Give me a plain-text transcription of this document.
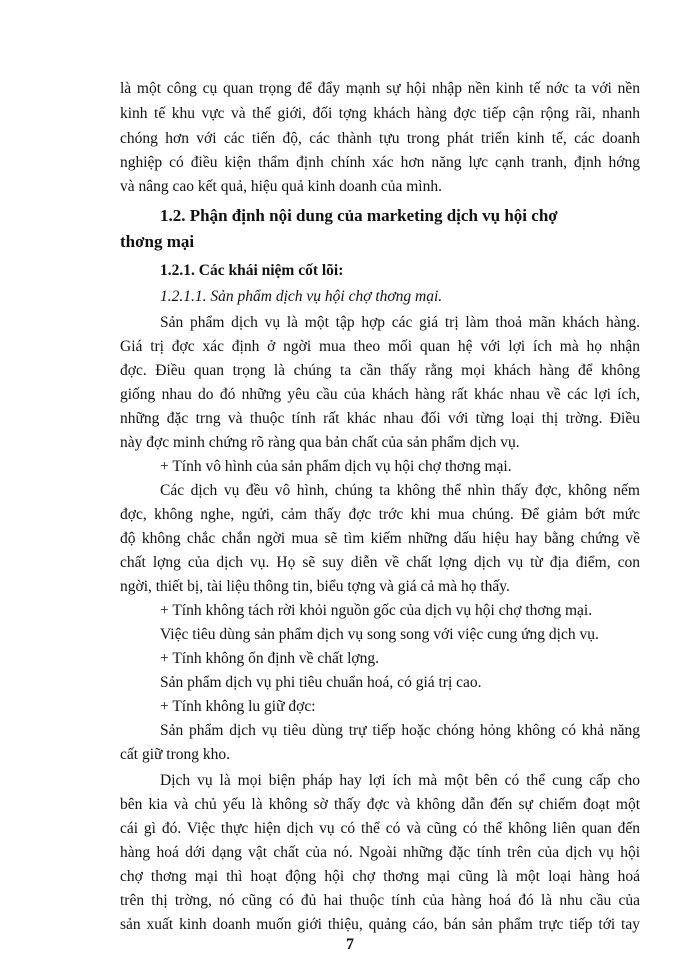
là một công cụ quan trọng để đẩy mạnh sự hội nhập nền kinh tế nớc ta với nền
kinh tế khu vực và thế giới, đối tợng khách hàng đợc tiếp cận rộng rãi, nhanh
chóng hơn với các tiến độ, các thành tựu trong phát triển kinh tế, các doanh
nghiệp có điều kiện thẩm định chính xác hơn năng lực cạnh tranh, định hớng
và nâng cao kết quả, hiệu quả kinh doanh của mình.
1.2. Phận định nội dung của marketing dịch vụ hội chợ
thơng mại
1.2.1. Các khái niệm cốt lõi:
1.2.1.1. Sản phẩm dịch vụ hội chợ thơng mại.
Sản phẩm dịch vụ là một tập hợp các giá trị làm thoả mãn khách hàng.
Giá trị đợc xác định ở ngời mua theo mối quan hệ với lợi ích mà họ nhận
đợc. Điều quan trọng là chúng ta cần thấy rằng mọi khách hàng để không
giống nhau do đó những yêu cầu của khách hàng rất khác nhau về các lợi ích,
những đặc trng và thuộc tính rất khác nhau đối với từng loại thị trờng. Điều
này đợc minh chứng rõ ràng qua bản chất của sản phẩm dịch vụ.
+ Tính vô hình của sản phẩm dịch vụ hội chợ thơng mại.
Các dịch vụ đều vô hình, chúng ta không thể nhìn thấy đợc, không nếm
đợc, không nghe, ngửi, cảm thấy đợc trớc khi mua chúng. Để giảm bớt mức
độ không chắc chắn ngời mua sẽ tìm kiếm những dấu hiệu hay bằng chứng về
chất lợng của dịch vụ. Họ sẽ suy diễn về chất lợng dịch vụ từ địa điểm, con
ngời, thiết bị, tài liệu thông tin, biểu tợng và giá cả mà họ thấy.
+ Tính không tách rời khỏi nguồn gốc của dịch vụ hội chợ thơng mại.
Việc tiêu dùng sản phẩm dịch vụ song song với việc cung ứng dịch vụ.
+ Tính không ổn định về chất lợng.
Sản phẩm dịch vụ phi tiêu chuẩn hoá, có giá trị cao.
+ Tính không lu giữ đợc:
Sản phẩm dịch vụ tiêu dùng trự tiếp hoặc chóng hỏng không có khả năng
cất giữ trong kho.
Dịch vụ là mọi biện pháp hay lợi ích mà một bên có thể cung cấp cho
bên kia và chủ yếu là không sờ thấy đợc và không dẫn đến sự chiếm đoạt một
cái gì đó. Việc thực hiện dịch vụ có thể có và cũng có thể không liên quan đến
hàng hoá dới dạng vật chất của nó. Ngoài những đặc tính trên của dịch vụ hội
chợ thơng mại thì hoạt động hội chợ thơng mại cũng là một loại hàng hoá
trên thị trờng, nó cũng có đủ hai thuộc tính của hàng hoá đó là nhu cầu của
sản xuất kinh doanh muốn giới thiệu, quảng cáo, bán sản phẩm trực tiếp tới tay
7
